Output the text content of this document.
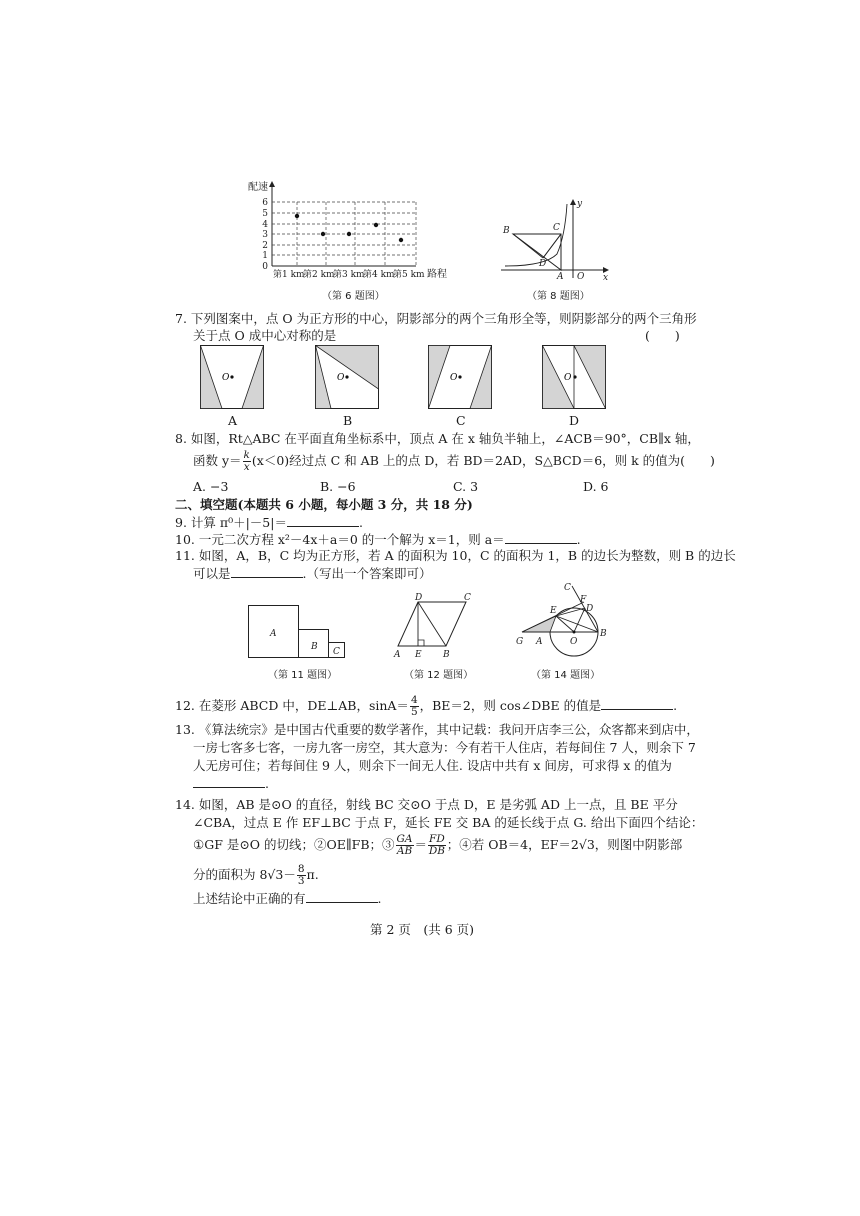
0
1
2
3
4
5
6
配速
第1 km
第2 km
第3 km
第4 km
第5 km 路程
（第 6 题图）
B	C
D
A O x
y
（第 8 题图）
7. 下列图案中，点 O 为正方形的中心，阴影部分的两个三角形全等，则阴影部分的两个三角形
关于点 O 成中心对称的是	(　　)
O	O	O	O
A	B	C	D
8. 如图，Rt△ABC 在平面直角坐标系中，顶点 A 在 x 轴负半轴上，∠ACB＝90°，CB∥x 轴，
函数 $y= \frac{k}{x} (x<0)$经过点 C 和 AB 上的点 D，若 BD＝2AD，S△BCD＝6，则 k 的值为(　　)
A. −3	B. −6	C. 3	D. 6
二、填空题(本题共 6 小题，每小题 3 分，共 18 分)
9. 计算 π⁰＋|－5|＝	.
10. 一元二次方程 x²－4x＋a＝0 的一个解为 x＝1，则 a＝	.
11. 如图，A，B，C 均为正方形，若 A 的面积为 10，C 的面积为 1，B 的边长为整数，则 B 的边长
可以是	.（写出一个答案即可）
A
B C
（第 11 题图）
D	C
A E B
（第 12 题图）
C
F
E	D
G A	O
B
（第 14 题图）
12. 在菱形 ABCD 中，DE⊥AB，$\sin A= \frac{4}{5}$ ，BE＝2，则 cos∠DBE 的值是	.
13. 《算法统宗》是中国古代重要的数学著作，其中记载：我问开店李三公，众客都来到店中，
一房七客多七客，一房九客一房空，其大意为：今有若干人住店，若每间住 7 人，则余下 7
人无房可住；若每间住 9 人，则余下一间无人住. 设店中共有 x 间房，可求得 x 的值为
.
14. 如图，AB 是⊙O 的直径，射线 BC 交⊙O 于点 D，E 是劣弧 AD 上一点，且 BE 平分
∠CBA，过点 E 作 EF⊥BC 于点 F，延长 FE 交 BA 的延长线于点 G. 给出下面四个结论：
①GF 是⊙O 的切线；②OE∥FB；③ $\frac{GA}{AB} = \frac{FD}{DB}$ ；④若 OB＝4，EF＝2√3，则图中阴影部
分的面积为 $8√3- \frac{8}{3} \pi$.
上述结论中正确的有	.
第 2 页　(共 6 页)
